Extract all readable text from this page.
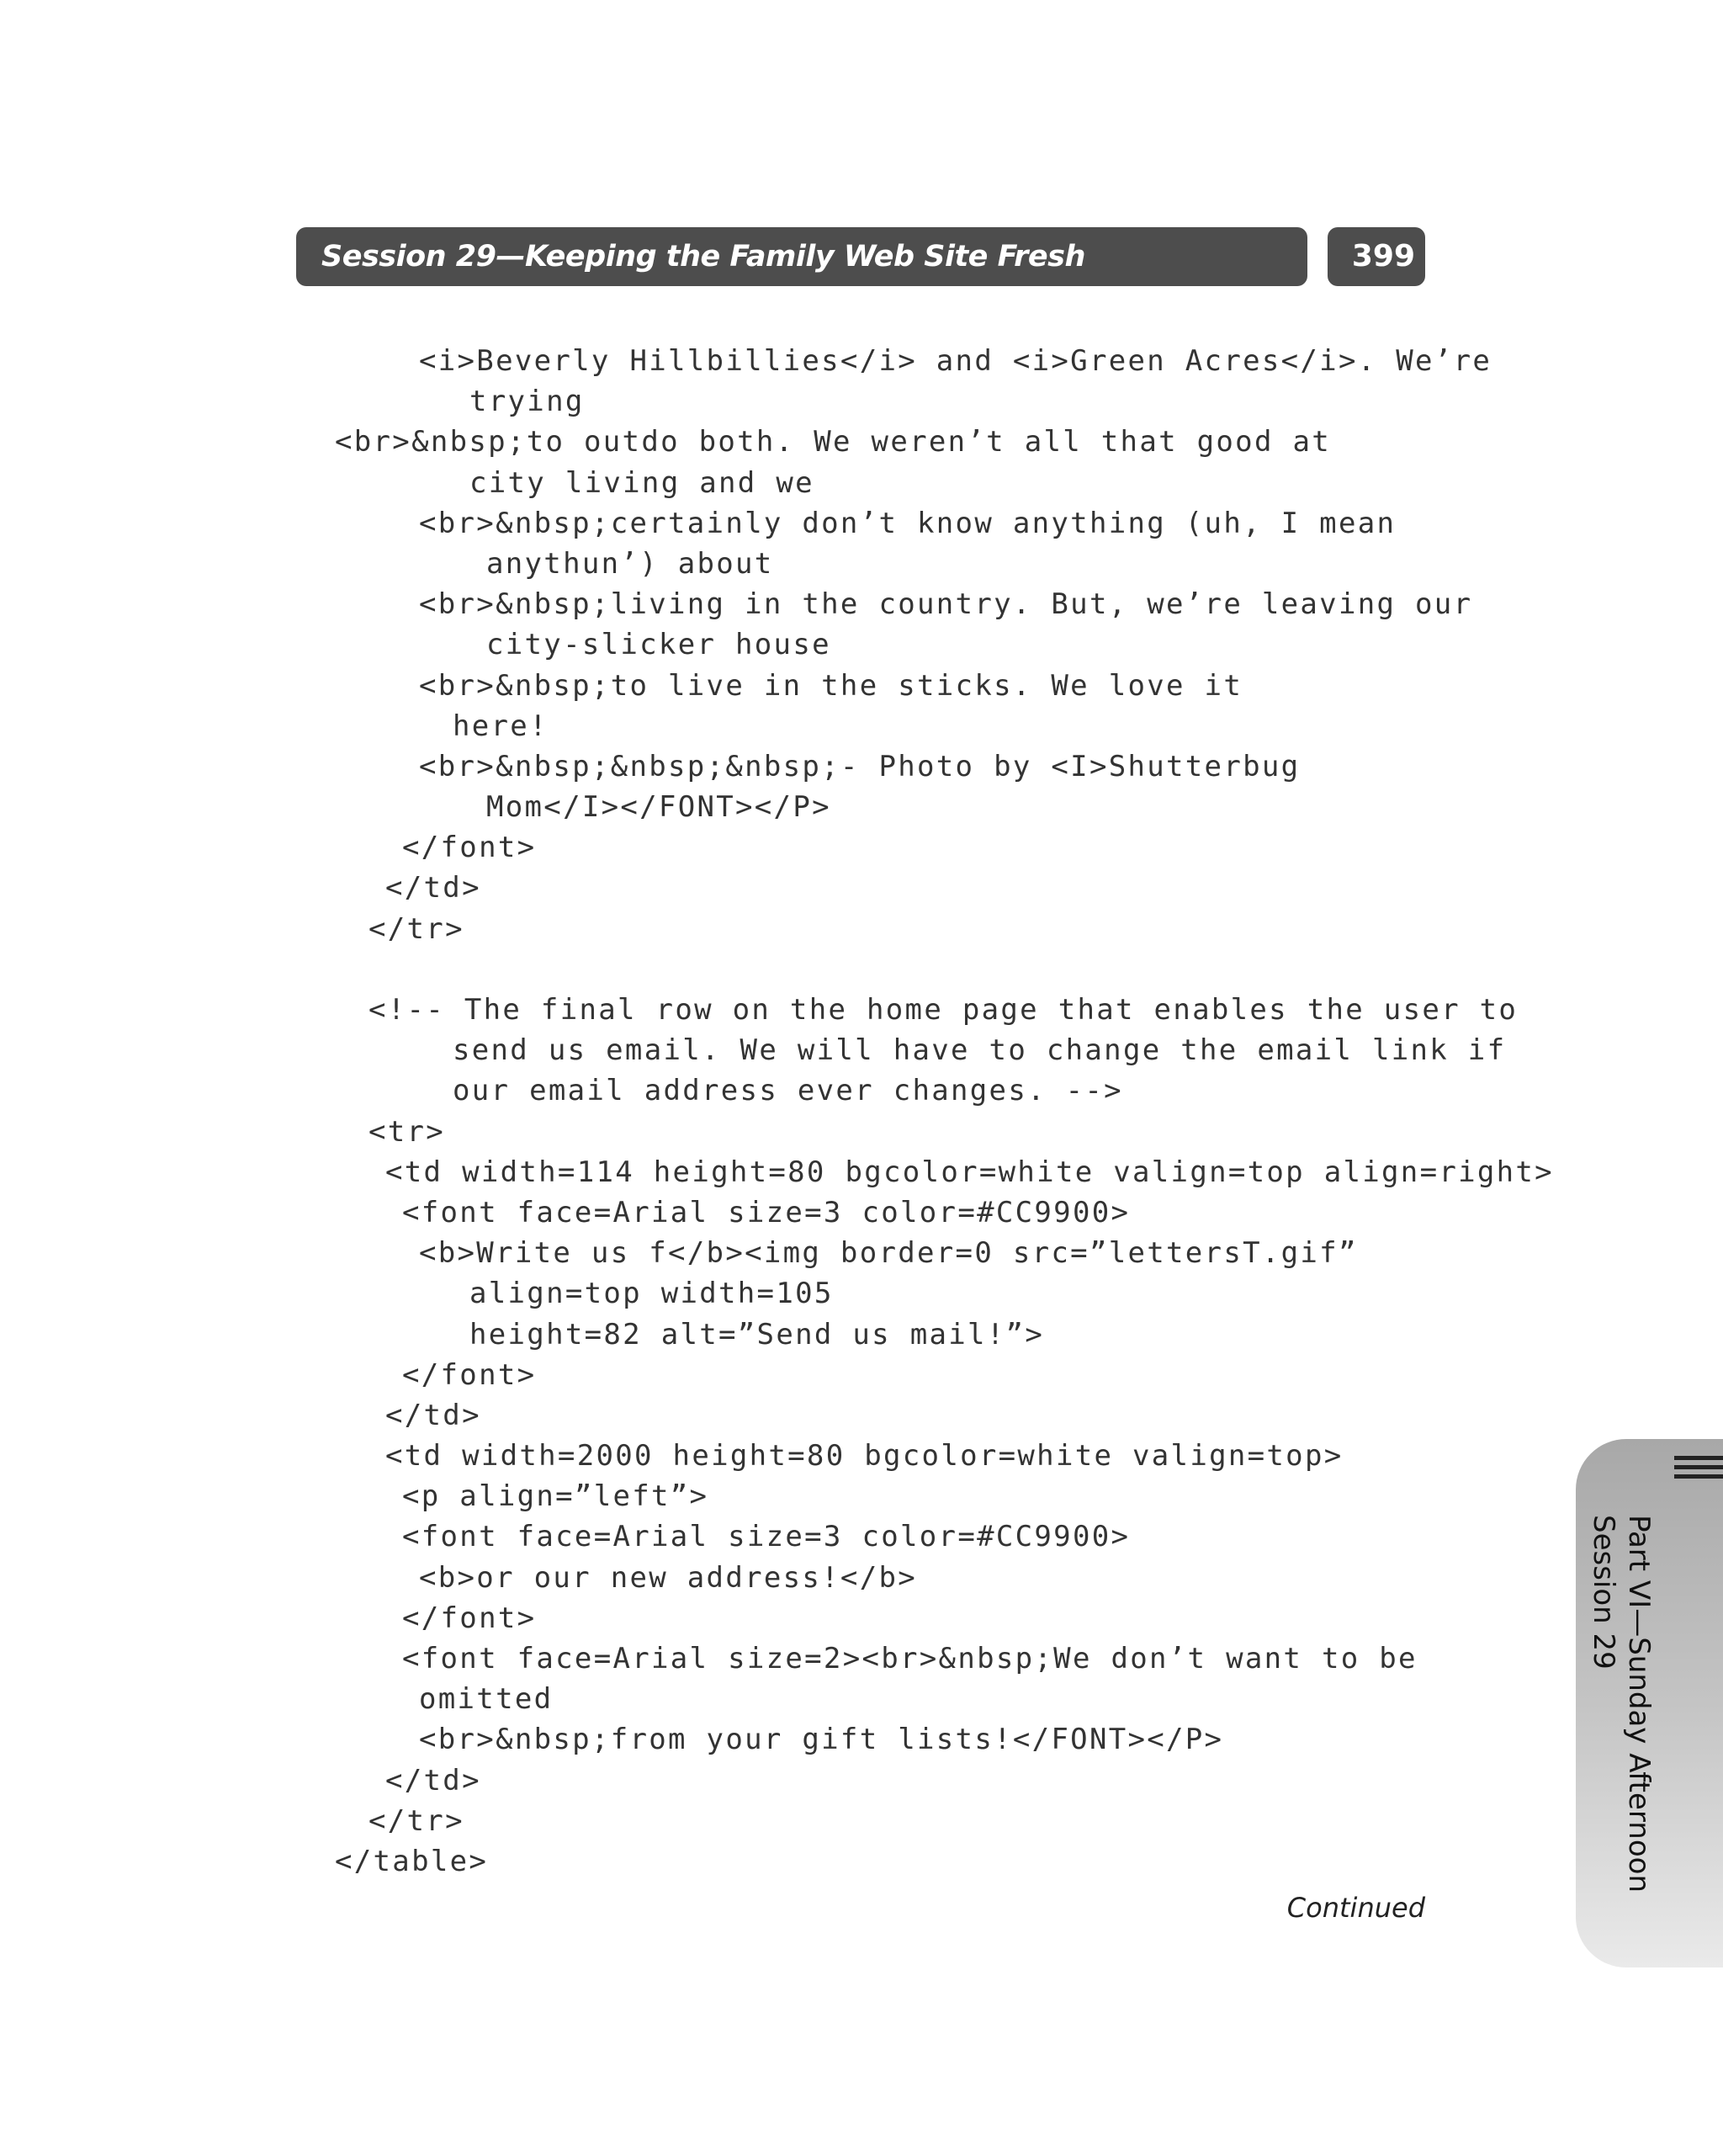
Session 29—Keeping the Family Web Site Fresh	399
<i>Beverly Hillbillies</i> and <i>Green Acres</i>. We’re
trying
<br>&nbsp;to outdo both. We weren’t all that good at
city living and we
<br>&nbsp;certainly don’t know anything (uh, I mean
anythun’) about
<br>&nbsp;living in the country. But, we’re leaving our
city-slicker house
<br>&nbsp;to live in the sticks. We love it
here!
<br>&nbsp;&nbsp;&nbsp;- Photo by <I>Shutterbug
Mom</I></FONT></P>
</font>
</td>
</tr>
<!-- The final row on the home page that enables the user to
send us email. We will have to change the email link if
our email address ever changes. -->
<tr>
<td width=114 height=80 bgcolor=white valign=top align=right>
<font face=Arial size=3 color=#CC9900>
<b>Write us f</b><img border=0 src=”lettersT.gif”
align=top width=105
height=82 alt=”Send us mail!”>
</font>
</td>
<td width=2000 height=80 bgcolor=white valign=top>
<p align=”left”>
<font face=Arial size=3 color=#CC9900>
<b>or our new address!</b>
</font>
<font face=Arial size=2><br>&nbsp;We don’t want to be
omitted
<br>&nbsp;from your gift lists!</FONT></P>
</td>
</tr>
</table>
Continued
Part VI—Sunday Afternoon
Session 29
